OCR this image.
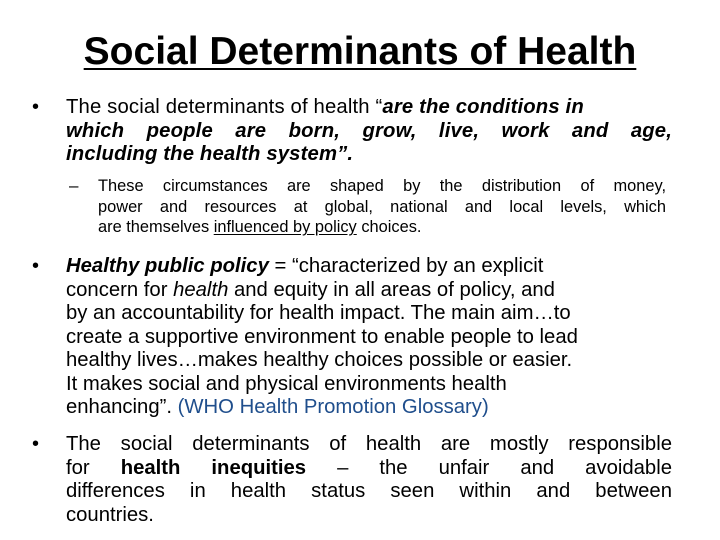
Social Determinants of Health
• The social determinants of health “are the conditions in
which people are born, grow, live, work and age,
including the health system”.
– These circumstances are shaped by the distribution of money,
power and resources at global, national and local levels, which
are themselves influenced by policy choices.
• Healthy public policy = “characterized by an explicit
concern for health and equity in all areas of policy, and
by an accountability for health impact. The main aim…to
create a supportive environment to enable people to lead
healthy lives…makes healthy choices possible or easier.
It makes social and physical environments health
enhancing”. (WHO Health Promotion Glossary)
• The social determinants of health are mostly responsible
for health inequities – the unfair and avoidable
differences in health status seen within and between
countries.
